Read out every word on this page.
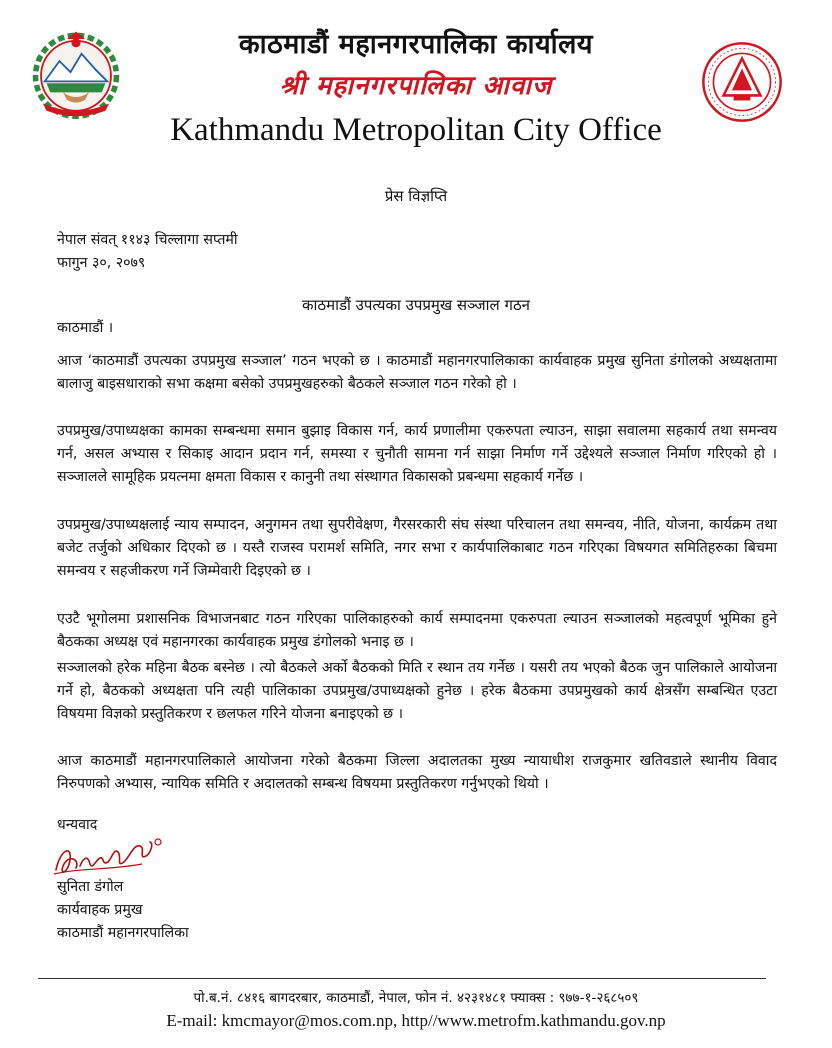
काठमाडौं महानगरपालिका कार्यालय
श्री महानगरपालिका आवाज
Kathmandu Metropolitan City Office
प्रेस विज्ञप्ति
नेपाल संवत् ११४३ चिल्लागा सप्तमी
फागुन ३०, २०७९
काठमाडौं उपत्यका उपप्रमुख सञ्जाल गठन
काठमाडौं ।
आज ‘काठमाडौं उपत्यका उपप्रमुख सञ्जाल’ गठन भएको छ । काठमाडौं महानगरपालिकाका कार्यवाहक प्रमुख सुनिता डंगोलको अध्यक्षतामा बालाजु बाइसधाराको सभा कक्षमा बसेको उपप्रमुखहरुको बैठकले सञ्जाल गठन गरेको हो ।
उपप्रमुख/उपाध्यक्षका कामका सम्बन्धमा समान बुझाइ विकास गर्न, कार्य प्रणालीमा एकरुपता ल्याउन, साझा सवालमा सहकार्य तथा समन्वय गर्न, असल अभ्यास र सिकाइ आदान प्रदान गर्न, समस्या र चुनौती सामना गर्न साझा निर्माण गर्ने उद्देश्यले सञ्जाल निर्माण गरिएको हो । सञ्जालले सामूहिक प्रयत्नमा क्षमता विकास र कानुनी तथा संस्थागत विकासको प्रबन्धमा सहकार्य गर्नेछ ।
उपप्रमुख/उपाध्यक्षलाई न्याय सम्पादन, अनुगमन तथा सुपरीवेक्षण, गैरसरकारी संघ संस्था परिचालन तथा समन्वय, नीति, योजना, कार्यक्रम तथा बजेट तर्जुको अधिकार दिएको छ । यस्तै राजस्व परामर्श समिति, नगर सभा र कार्यपालिकाबाट गठन गरिएका विषयगत समितिहरुका बिचमा समन्वय र सहजीकरण गर्ने जिम्मेवारी दिइएको छ ।
एउटै भूगोलमा प्रशासनिक विभाजनबाट गठन गरिएका पालिकाहरुको कार्य सम्पादनमा एकरुपता ल्याउन सञ्जालको महत्वपूर्ण भूमिका हुने बैठकका अध्यक्ष एवं महानगरका कार्यवाहक प्रमुख डंगोलको भनाइ छ ।
सञ्जालको हरेक महिना बैठक बस्नेछ । त्यो बैठकले अर्को बैठकको मिति र स्थान तय गर्नेछ । यसरी तय भएको बैठक जुन पालिकाले आयोजना गर्ने हो, बैठकको अध्यक्षता पनि त्यही पालिकाका उपप्रमुख/उपाध्यक्षको हुनेछ । हरेक बैठकमा उपप्रमुखको कार्य क्षेत्रसँग सम्बन्धित एउटा विषयमा विज्ञको प्रस्तुतिकरण र छलफल गरिने योजना बनाइएको छ ।
आज काठमाडौं महानगरपालिकाले आयोजना गरेको बैठकमा जिल्ला अदालतका मुख्य न्यायाधीश राजकुमार खतिवडाले स्थानीय विवाद निरुपणको अभ्यास, न्यायिक समिति र अदालतको सम्बन्ध विषयमा प्रस्तुतिकरण गर्नुभएको थियो ।
धन्यवाद
सुनिता डंगोल
कार्यवाहक प्रमुख
काठमाडौं महानगरपालिका
पो.ब.नं. ८४१६ बागदरबार, काठमाडौं, नेपाल, फोन नं. ४२३१४८१ फ्याक्स : ९७७-१-२६८५०९
E-mail: kmcmayor@mos.com.np, http//www.metrofm.kathmandu.gov.np
